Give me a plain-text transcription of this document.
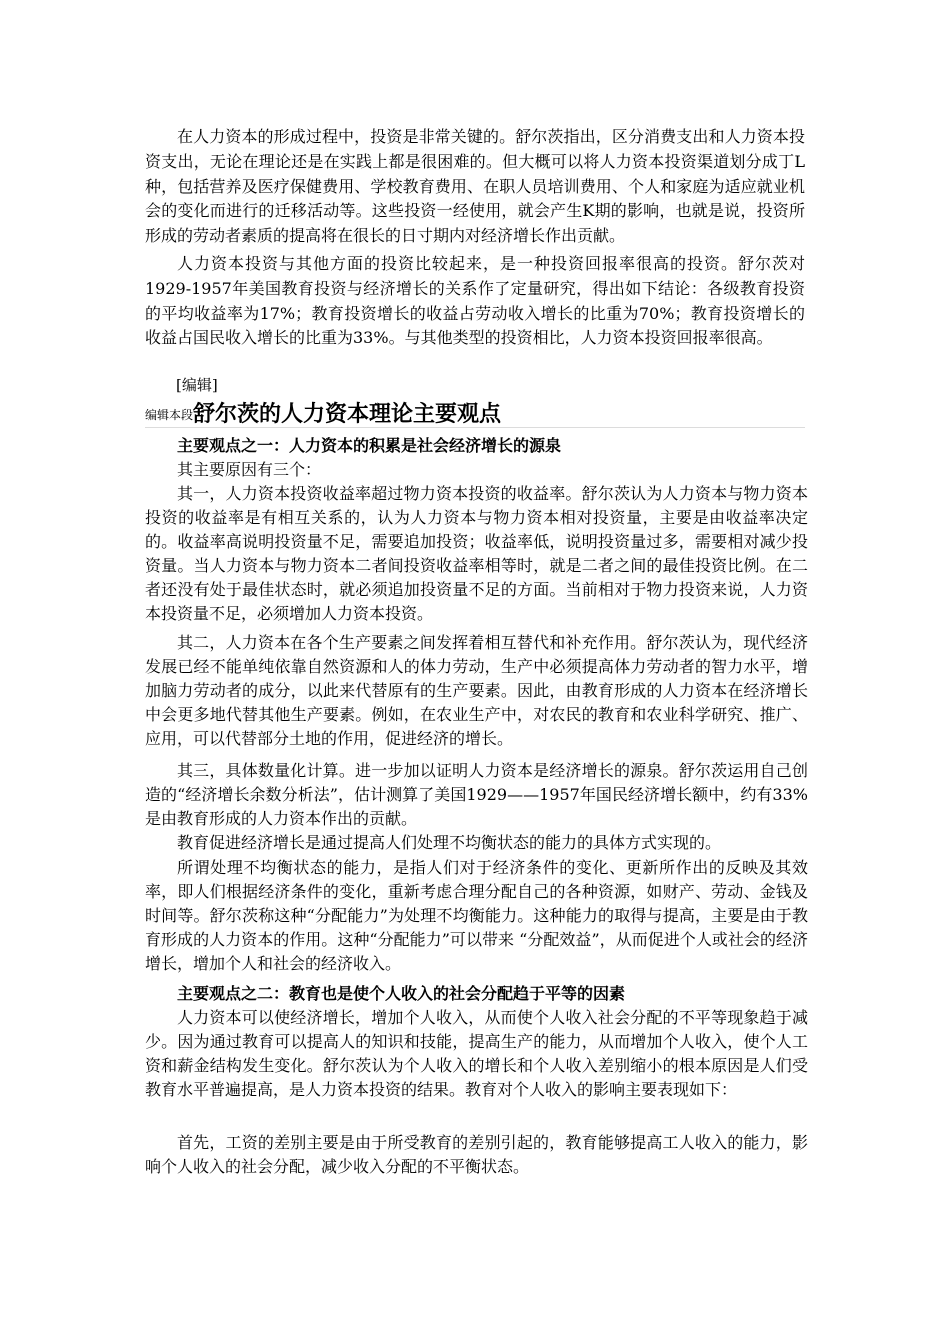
在人力资本的形成过程中，投资是非常关键的。舒尔茨指出，区分消费支出和人力资本投资支出，无论在理论还是在实践上都是很困难的。但大概可以将人力资本投资渠道划分成丁L种，包括营养及医疗保健费用、学校教育费用、在职人员培训费用、个人和家庭为适应就业机会的变化而进行的迁移活动等。这些投资一经使用，就会产生K期的影响，也就是说，投资所形成的劳动者素质的提高将在很长的日寸期内对经济增长作出贡献。

人力资本投资与其他方面的投资比较起来，是一种投资回报率很高的投资。舒尔茨对1929-1957年美国教育投资与经济增长的关系作了定量研究，得出如下结论：各级教育投资的平均收益率为17%；教育投资增长的收益占劳动收入增长的比重为70%；教育投资增长的收益占国民收入增长的比重为33%。与其他类型的投资相比，人力资本投资回报率很高。

[编辑]
编辑本段舒尔茨的人力资本理论主要观点

主要观点之一：人力资本的积累是社会经济增长的源泉

其主要原因有三个：

其一，人力资本投资收益率超过物力资本投资的收益率。舒尔茨认为人力资本与物力资本投资的收益率是有相互关系的，认为人力资本与物力资本相对投资量，主要是由收益率决定的。收益率高说明投资量不足，需要追加投资；收益率低，说明投资量过多，需要相对减少投资量。当人力资本与物力资本二者间投资收益率相等时，就是二者之间的最佳投资比例。在二者还没有处于最佳状态时，就必须追加投资量不足的方面。当前相对于物力投资来说，人力资本投资量不足，必须增加人力资本投资。

其二，人力资本在各个生产要素之间发挥着相互替代和补充作用。舒尔茨认为，现代经济发展已经不能单纯依靠自然资源和人的体力劳动，生产中必须提高体力劳动者的智力水平，增加脑力劳动者的成分，以此来代替原有的生产要素。因此，由教育形成的人力资本在经济增长中会更多地代替其他生产要素。例如，在农业生产中，对农民的教育和农业科学研究、推广、应用，可以代替部分土地的作用，促进经济的增长。

其三，具体数量化计算。进一步加以证明人力资本是经济增长的源泉。舒尔茨运用自己创造的“经济增长余数分析法”，估计测算了美国1929——1957年国民经济增长额中，约有33%是由教育形成的人力资本作出的贡献。

教育促进经济增长是通过提高人们处理不均衡状态的能力的具体方式实现的。

所谓处理不均衡状态的能力，是指人们对于经济条件的变化、更新所作出的反映及其效率，即人们根据经济条件的变化，重新考虑合理分配自己的各种资源，如财产、劳动、金钱及时间等。舒尔茨称这种“分配能力”为处理不均衡能力。这种能力的取得与提高，主要是由于教育形成的人力资本的作用。这种“分配能力”可以带来 “分配效益”，从而促进个人或社会的经济增长，增加个人和社会的经济收入。

主要观点之二：教育也是使个人收入的社会分配趋于平等的因素

人力资本可以使经济增长，增加个人收入，从而使个人收入社会分配的不平等现象趋于减少。因为通过教育可以提高人的知识和技能，提高生产的能力，从而增加个人收入，使个人工资和薪金结构发生变化。舒尔茨认为个人收入的增长和个人收入差别缩小的根本原因是人们受教育水平普遍提高，是人力资本投资的结果。教育对个人收入的影响主要表现如下：

首先，工资的差别主要是由于所受教育的差别引起的，教育能够提高工人收入的能力，影响个人收入的社会分配，减少收入分配的不平衡状态。
